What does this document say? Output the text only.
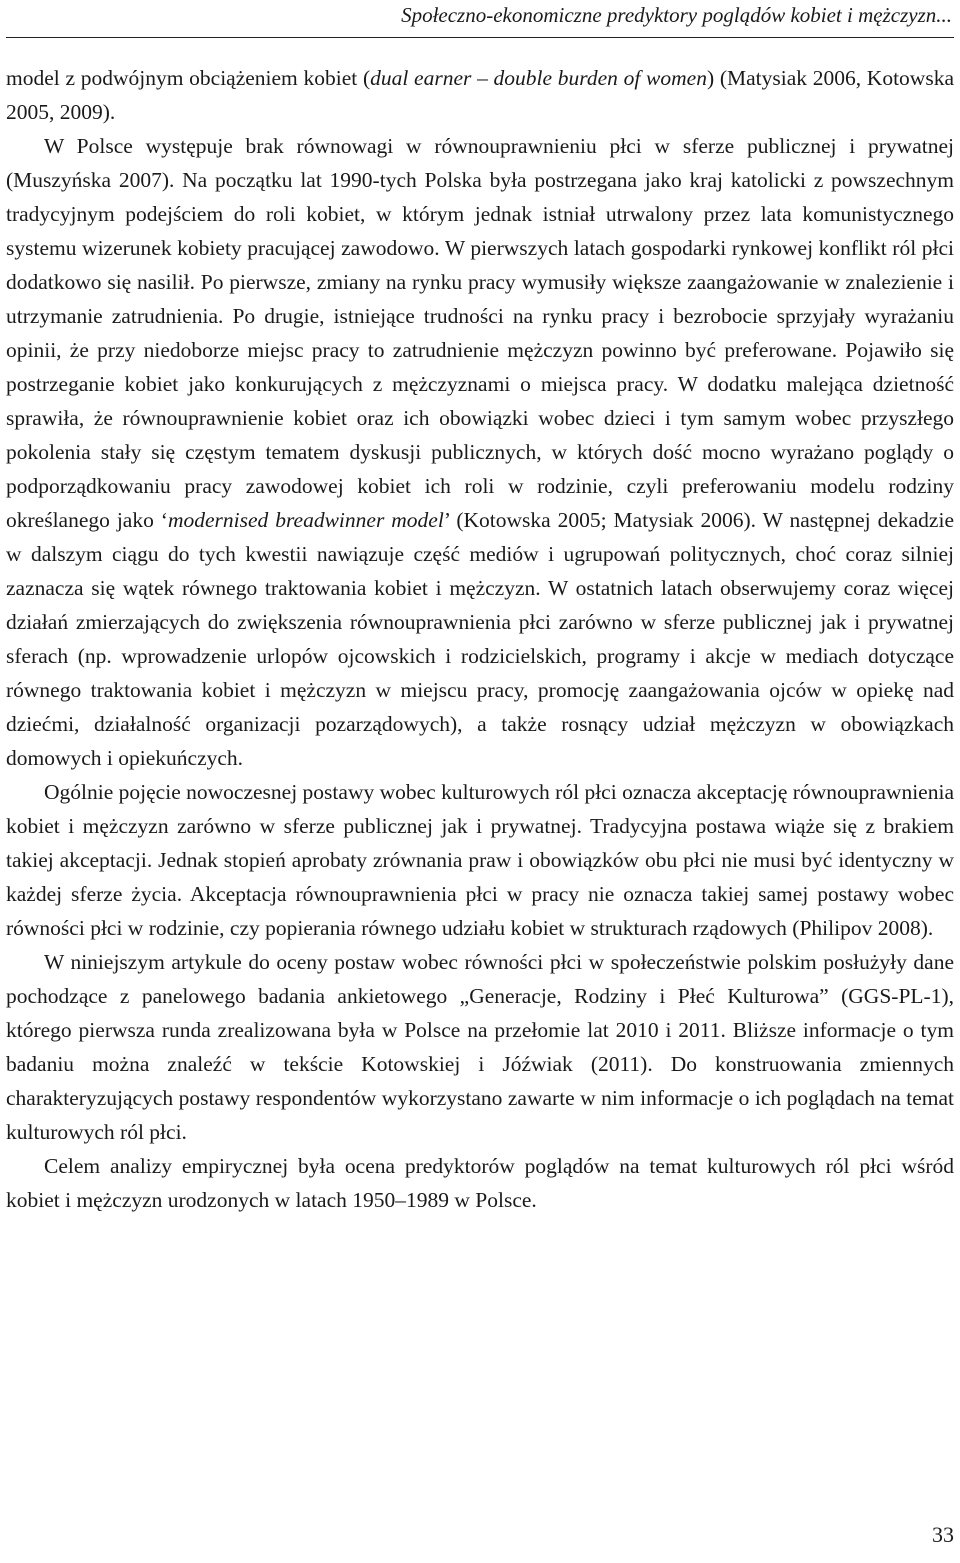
Społeczno-ekonomiczne predyktory poglądów kobiet i mężczyzn...

model z podwójnym obciążeniem kobiet (dual earner – double burden of women) (Matysiak 2006, Kotowska 2005, 2009).

W Polsce występuje brak równowagi w równouprawnieniu płci w sferze publicznej i prywatnej (Muszyńska 2007). Na początku lat 1990-tych Polska była postrzegana jako kraj katolicki z powszechnym tradycyjnym podejściem do roli kobiet, w którym jednak istniał utrwalony przez lata komunistycznego systemu wizerunek kobiety pracującej zawodowo. W pierwszych latach gospodarki rynkowej konflikt ról płci dodatkowo się nasilił. Po pierwsze, zmiany na rynku pracy wymusiły większe zaangażowanie w znalezienie i utrzymanie zatrudnienia. Po drugie, istniejące trudności na rynku pracy i bezrobocie sprzyjały wyrażaniu opinii, że przy niedoborze miejsc pracy to zatrudnienie mężczyzn powinno być preferowane. Pojawiło się postrzeganie kobiet jako konkurujących z mężczyznami o miejsca pracy. W dodatku malejąca dzietność sprawiła, że równouprawnienie kobiet oraz ich obowiązki wobec dzieci i tym samym wobec przyszłego pokolenia stały się częstym tematem dyskusji publicznych, w których dość mocno wyrażano poglądy o podporządkowaniu pracy zawodowej kobiet ich roli w rodzinie, czyli preferowaniu modelu rodziny określanego jako ‘modernised breadwinner model’ (Kotowska 2005; Matysiak 2006). W następnej dekadzie w dalszym ciągu do tych kwestii nawiązuje część mediów i ugrupowań politycznych, choć coraz silniej zaznacza się wątek równego traktowania kobiet i mężczyzn. W ostatnich latach obserwujemy coraz więcej działań zmierzających do zwiększenia równouprawnienia płci zarówno w sferze publicznej jak i prywatnej sferach (np. wprowadzenie urlopów ojcowskich i rodzicielskich, programy i akcje w mediach dotyczące równego traktowania kobiet i mężczyzn w miejscu pracy, promocję zaangażowania ojców w opiekę nad dziećmi, działalność organizacji pozarządowych), a także rosnący udział mężczyzn w obowiązkach domowych i opiekuńczych.

Ogólnie pojęcie nowoczesnej postawy wobec kulturowych ról płci oznacza akceptację równouprawnienia kobiet i mężczyzn zarówno w sferze publicznej jak i prywatnej. Tradycyjna postawa wiąże się z brakiem takiej akceptacji. Jednak stopień aprobaty zrównania praw i obowiązków obu płci nie musi być identyczny w każdej sferze życia. Akceptacja równouprawnienia płci w pracy nie oznacza takiej samej postawy wobec równości płci w rodzinie, czy popierania równego udziału kobiet w strukturach rządowych (Philipov 2008).

W niniejszym artykule do oceny postaw wobec równości płci w społeczeństwie polskim posłużyły dane pochodzące z panelowego badania ankietowego „Generacje, Rodziny i Płeć Kulturowa” (GGS-PL-1), którego pierwsza runda zrealizowana była w Polsce na przełomie lat 2010 i 2011. Bliższe informacje o tym badaniu można znaleźć w tekście Kotowskiej i Jóźwiak (2011). Do konstruowania zmiennych charakteryzujących postawy respondentów wykorzystano zawarte w nim informacje o ich poglądach na temat kulturowych ról płci.

Celem analizy empirycznej była ocena predyktorów poglądów na temat kulturowych ról płci wśród kobiet i mężczyzn urodzonych w latach 1950–1989 w Polsce.

33
